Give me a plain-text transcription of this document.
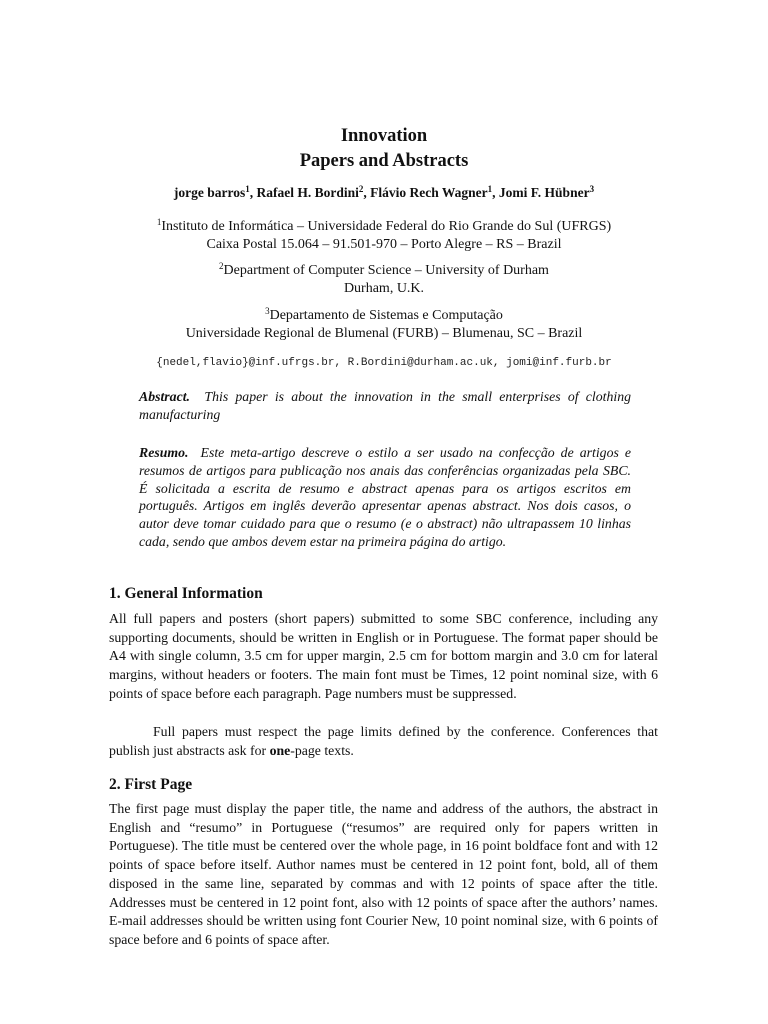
Innovation
Papers and Abstracts
jorge barros$^1$, Rafael H. Bordini$^2$, Flávio Rech Wagner$^1$, Jomi F. Hübner$^3$
$^1$Instituto de Informática – Universidade Federal do Rio Grande do Sul (UFRGS)
Caixa Postal 15.064 – 91.501-970 – Porto Alegre – RS – Brazil
$^2$Department of Computer Science – University of Durham
Durham, U.K.
$^3$Departamento de Sistemas e Computação
Universidade Regional de Blumenal (FURB) – Blumenau, SC – Brazil
{nedel,flavio}@inf.ufrgs.br, R.Bordini@durham.ac.uk, jomi@inf.furb.br
Abstract. This paper is about the innovation in the small enterprises of clothing manufacturing
Resumo. Este meta-artigo descreve o estilo a ser usado na confecção de artigos e resumos de artigos para publicação nos anais das conferências organizadas pela SBC. É solicitada a escrita de resumo e abstract apenas para os artigos escritos em português. Artigos em inglês deverão apresentar apenas abstract. Nos dois casos, o autor deve tomar cuidado para que o resumo (e o abstract) não ultrapassem 10 linhas cada, sendo que ambos devem estar na primeira página do artigo.
1. General Information
All full papers and posters (short papers) submitted to some SBC conference, including any supporting documents, should be written in English or in Portuguese. The format paper should be A4 with single column, 3.5 cm for upper margin, 2.5 cm for bottom margin and 3.0 cm for lateral margins, without headers or footers. The main font must be Times, 12 point nominal size, with 6 points of space before each paragraph. Page numbers must be suppressed.
Full papers must respect the page limits defined by the conference. Conferences that publish just abstracts ask for one-page texts.
2. First Page
The first page must display the paper title, the name and address of the authors, the abstract in English and “resumo” in Portuguese (“resumos” are required only for papers written in Portuguese). The title must be centered over the whole page, in 16 point boldface font and with 12 points of space before itself. Author names must be centered in 12 point font, bold, all of them disposed in the same line, separated by commas and with 12 points of space after the title. Addresses must be centered in 12 point font, also with 12 points of space after the authors’ names. E-mail addresses should be written using font Courier New, 10 point nominal size, with 6 points of space before and 6 points of space after.
